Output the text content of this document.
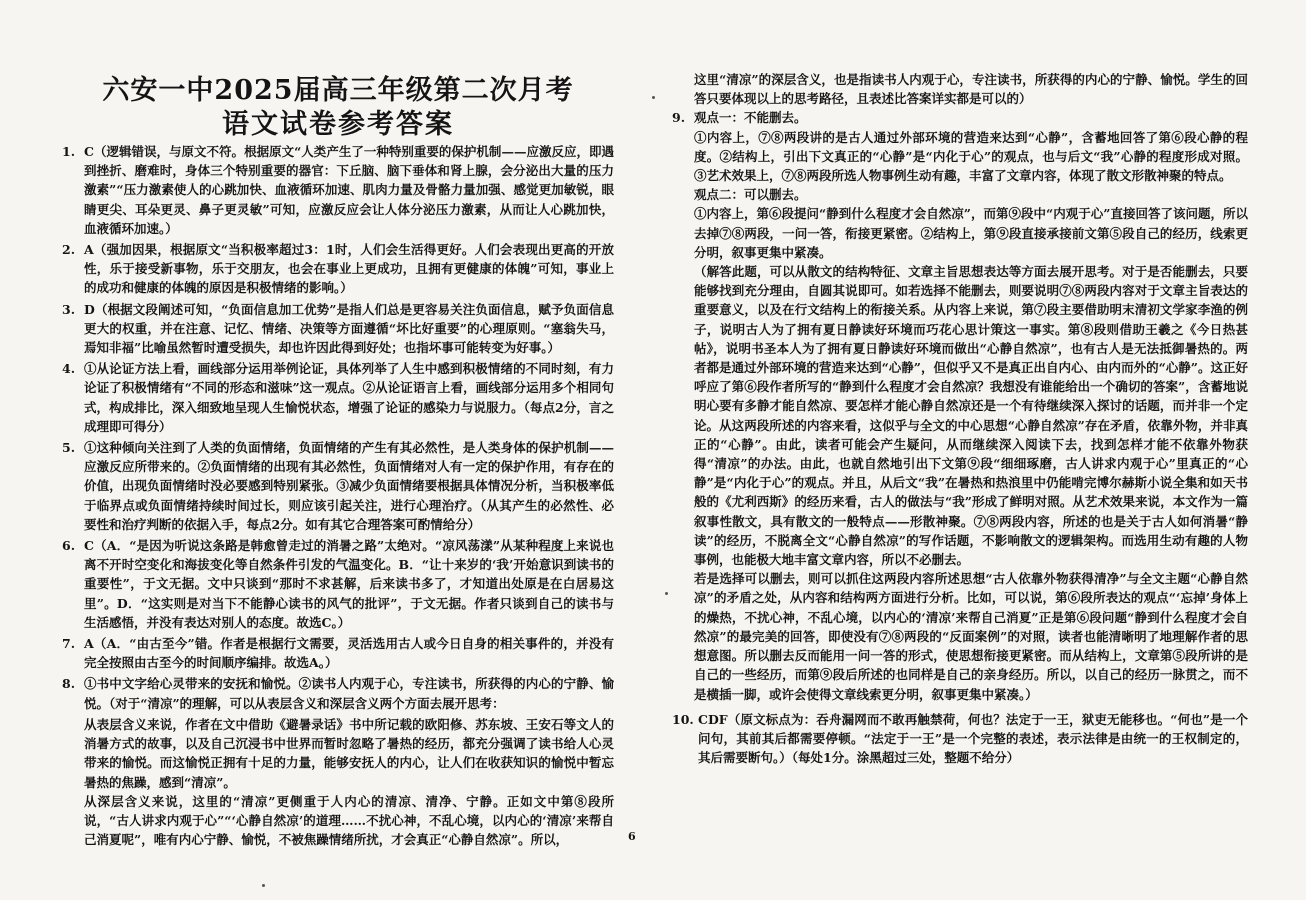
六安一中2025届高三年级第二次月考
语文试卷参考答案
1. C（逻辑错误，与原文不符。根据原文“人类产生了一种特别重要的保护机制——应激反应，即遇到挫折、磨难时，身体三个特别重要的器官：下丘脑、脑下垂体和肾上腺，会分泌出大量的压力激素”“压力激素使人的心跳加快、血液循环加速、肌肉力量及骨骼力量加强、感觉更加敏锐，眼睛更尖、耳朵更灵、鼻子更灵敏”可知，应激反应会让人体分泌压力激素，从而让人心跳加快，血液循环加速。）
2. A（强加因果，根据原文“当积极率超过3：1时，人们会生活得更好。人们会表现出更高的开放性，乐于接受新事物，乐于交朋友，也会在事业上更成功，且拥有更健康的体魄”可知，事业上的成功和健康的体魄的原因是积极情绪的影响。）
3. D（根据文段阐述可知，“负面信息加工优势”是指人们总是更容易关注负面信息，赋予负面信息更大的权重，并在注意、记忆、情绪、决策等方面遵循“坏比好重要”的心理原则。“塞翁失马，焉知非福”比喻虽然暂时遭受损失，却也许因此得到好处；也指坏事可能转变为好事。）
4. ①从论证方法上看，画线部分运用举例论证，具体列举了人生中感到积极情绪的不同时刻，有力论证了积极情绪有“不同的形态和滋味”这一观点。②从论证语言上看，画线部分运用多个相同句式，构成排比，深入细致地呈现人生愉悦状态，增强了论证的感染力与说服力。（每点2分，言之成理即可得分）
5. ①这种倾向关注到了人类的负面情绪，负面情绪的产生有其必然性，是人类身体的保护机制——应激反应所带来的。②负面情绪的出现有其必然性，负面情绪对人有一定的保护作用，有存在的价值，出现负面情绪时没必要感到特别紧张。③减少负面情绪要根据具体情况分析，当积极率低于临界点或负面情绪持续时间过长，则应该引起关注，进行心理治疗。（从其产生的必然性、必要性和治疗判断的依据入手，每点2分。如有其它合理答案可酌情给分）
6. C（A．“是因为听说这条路是韩愈曾走过的消暑之路”太绝对。“凉风荡漾”从某种程度上来说也离不开时空变化和海拔变化等自然条件引发的气温变化。B．“让十来岁的‘我’开始意识到读书的重要性”，于文无据。文中只谈到“那时不求甚解，后来读书多了，才知道出处原是在白居易这里”。D．“这实则是对当下不能静心读书的风气的批评”，于文无据。作者只谈到自己的读书与生活感悟，并没有表达对别人的态度。故选C。）
7. A（A．“由古至今”错。作者是根据行文需要，灵活选用古人或今日自身的相关事件的，并没有完全按照由古至今的时间顺序编排。故选A。）
8. ①书中文字给心灵带来的安抚和愉悦。②读书人内观于心，专注读书，所获得的内心的宁静、愉悦。（对于“清凉”的理解，可以从表层含义和深层含义两个方面去展开思考：

从表层含义来说，作者在文中借助《避暑录话》书中所记载的欧阳修、苏东坡、王安石等文人的消暑方式的故事，以及自己沉浸书中世界而暂时忽略了暑热的经历，都充分强调了读书给人心灵带来的愉悦。而这愉悦正拥有十足的力量，能够安抚人的内心，让人们在收获知识的愉悦中暂忘暑热的焦躁，感到“清凉”。

从深层含义来说，这里的“清凉”更侧重于人内心的清凉、清净、宁静。正如文中第⑧段所说，“古人讲求内观于心”“‘心静自然凉’的道理……不扰心神，不乱心境，以内心的‘清凉’来帮自己消夏呢”，唯有内心宁静、愉悦，不被焦躁情绪所扰，才会真正“心静自然凉”。所以，

这里“清凉”的深层含义，也是指读书人内观于心，专注读书，所获得的内心的宁静、愉悦。学生的回答只要体现以上的思考路径，且表述比答案详实都是可以的）

9. 观点一：不能删去。
①内容上，⑦⑧两段讲的是古人通过外部环境的营造来达到“心静”，含蓄地回答了第⑥段心静的程度。②结构上，引出下文真正的“心静”是“内化于心”的观点，也与后文“我”心静的程度形成对照。③艺术效果上，⑦⑧两段所选人物事例生动有趣，丰富了文章内容，体现了散文形散神聚的特点。
观点二：可以删去。
①内容上，第⑥段提问“静到什么程度才会自然凉”，而第⑨段中“内观于心”直接回答了该问题，所以去掉⑦⑧两段，一问一答，衔接更紧密。②结构上，第⑨段直接承接前文第⑤段自己的经历，线索更分明，叙事更集中紧凑。
（解答此题，可以从散文的结构特征、文章主旨思想表达等方面去展开思考。对于是否能删去，只要能够找到充分理由，自圆其说即可。如若选择不能删去，则要说明⑦⑧两段内容对于文章主旨表达的重要意义，以及在行文结构上的衔接关系。从内容上来说，第⑦段主要借助明末清初文学家李渔的例子，说明古人为了拥有夏日静读好环境而巧花心思计策这一事实。第⑧段则借助王羲之《今日热甚帖》，说明书圣本人为了拥有夏日静读好环境而做出“心静自然凉”，也有古人是无法抵御暑热的。两者都是通过外部环境的营造来达到“心静”，但似乎又不是真正出自内心、由内而外的“心静”。这正好呼应了第⑥段作者所写的“静到什么程度才会自然凉？我想没有谁能给出一个确切的答案”，含蓄地说明心要有多静才能自然凉、要怎样才能心静自然凉还是一个有待继续深入探讨的话题，而并非一个定论。从这两段所述的内容来看，这似乎与全文的中心思想“心静自然凉”存在矛盾，依靠外物，并非真正的“心静”。由此，读者可能会产生疑问，从而继续深入阅读下去，找到怎样才能不依靠外物获得“清凉”的办法。由此，也就自然地引出下文第⑨段“细细琢磨，古人讲求内观于心”里真正的“心静”是“内化于心”的观点。并且，从后文“我”在暑热和热浪里中仍能啃完博尔赫斯小说全集和如天书般的《尤利西斯》的经历来看，古人的做法与“我”形成了鲜明对照。从艺术效果来说，本文作为一篇叙事性散文，具有散文的一般特点——形散神聚。⑦⑧两段内容，所述的也是关于古人如何消暑“静读”的经历，不脱离全文“心静自然凉”的写作话题，不影响散文的逻辑架构。而选用生动有趣的人物事例，也能极大地丰富文章内容，所以不必删去。
若是选择可以删去，则可以抓住这两段内容所述思想“古人依靠外物获得清净”与全文主题“心静自然凉”的矛盾之处，从内容和结构两方面进行分析。比如，可以说，第⑥段所表达的观点“‘忘掉’身体上的燥热，不扰心神，不乱心境，以内心的‘清凉’来帮自己消夏”正是第⑥段问题“静到什么程度才会自然凉”的最完美的回答，即使没有⑦⑧两段的“反面案例”的对照，读者也能清晰明了地理解作者的思想意图。所以删去反而能用一问一答的形式，使思想衔接更紧密。而从结构上，文章第⑤段所讲的是自己的一些经历，而第⑨段后所述的也同样是自己的亲身经历。所以，以自己的经历一脉贯之，而不是横插一脚，或许会使得文章线索更分明，叙事更集中紧凑。）
10. CDF（原文标点为：吞舟漏网而不敢再触禁荷，何也？法定于一王，狱吏无能移也。“何也”是一个问句，其前其后都需要停顿。“法定于一王”是一个完整的表述，表示法律是由统一的王权制定的，其后需要断句。）（每处1分。涂黑超过三处，整题不给分）
6
